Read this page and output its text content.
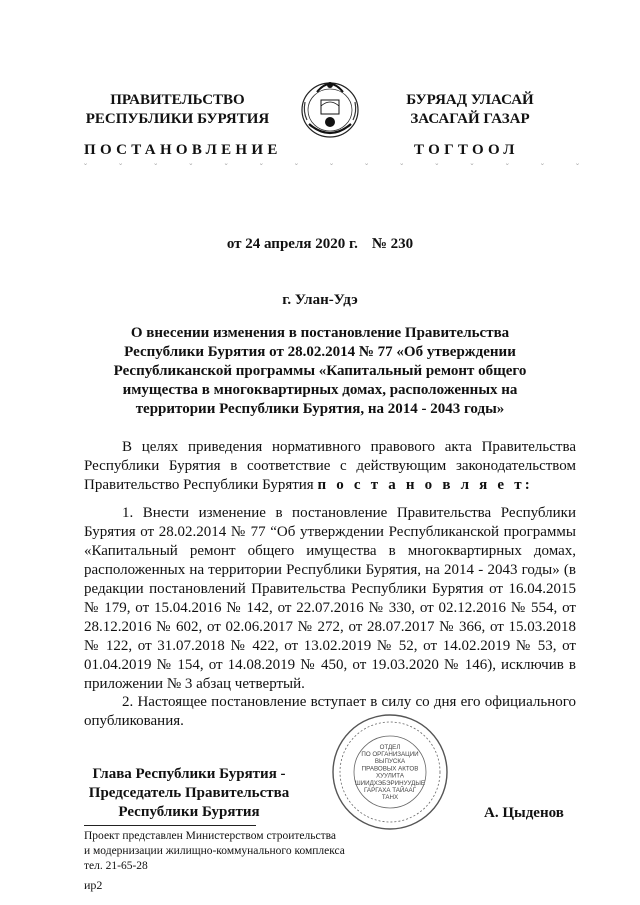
ПРАВИТЕЛЬСТВО
РЕСПУБЛИКИ БУРЯТИЯ
БУРЯАД УЛАСАЙ
ЗАСАГАЙ ГАЗАР
ПОСТАНОВЛЕНИЕ	ТОГТООЛ
˘	˘	˘	˘	˘	˘	˘	˘	˘	˘	˘	˘	˘	˘	˘
от 24 апреля 2020 г. № 230
г. Улан-Удэ
О внесении изменения в постановление Правительства Республики Бурятия от 28.02.2014 № 77 «Об утверждении Республиканской программы «Капитальный ремонт общего имущества в многоквартирных домах, расположенных на территории Республики Бурятия, на 2014 - 2043 годы»
В целях приведения нормативного правового акта Правительства Республики Бурятия в соответствие с действующим законодательством Правительство Республики Бурятия п о с т а н о в л я е т:
1. Внести изменение в постановление Правительства Республики Бурятия от 28.02.2014 № 77 “Об утверждении Республиканской программы «Капитальный ремонт общего имущества в многоквартирных домах, расположенных на территории Республики Бурятия, на 2014 - 2043 годы» (в редакции постановлений Правительства Республики Бурятия от 16.04.2015 № 179, от 15.04.2016 № 142, от 22.07.2016 № 330, от 02.12.2016 № 554, от 28.12.2016 № 602, от 02.06.2017 № 272, от 28.07.2017 № 366, от 15.03.2018 № 122, от 31.07.2018 № 422, от 13.02.2019 № 52, от 14.02.2019 № 53, от 01.04.2019 № 154, от 14.08.2019 № 450, от 19.03.2020 № 146), исключив в приложении № 3 абзац четвертый.
2. Настоящее постановление вступает в силу со дня его официального опубликования.
Глава Республики Бурятия -
Председатель Правительства
Республики Бурятия
ОТДЕЛ
ПО ОРГАНИЗАЦИИ
ВЫПУСКА
ПРАВОВЫХ АКТОВ
ХУУЛИТА
ШИИДХЭБЭРИНУУДЫЕ
ГАРГАХА ТАЙААГ
ТАНХ
А. Цыденов
Проект представлен Министерством строительства
и модернизации жилищно-коммунального комплекса
тел. 21-65-28
ир2
